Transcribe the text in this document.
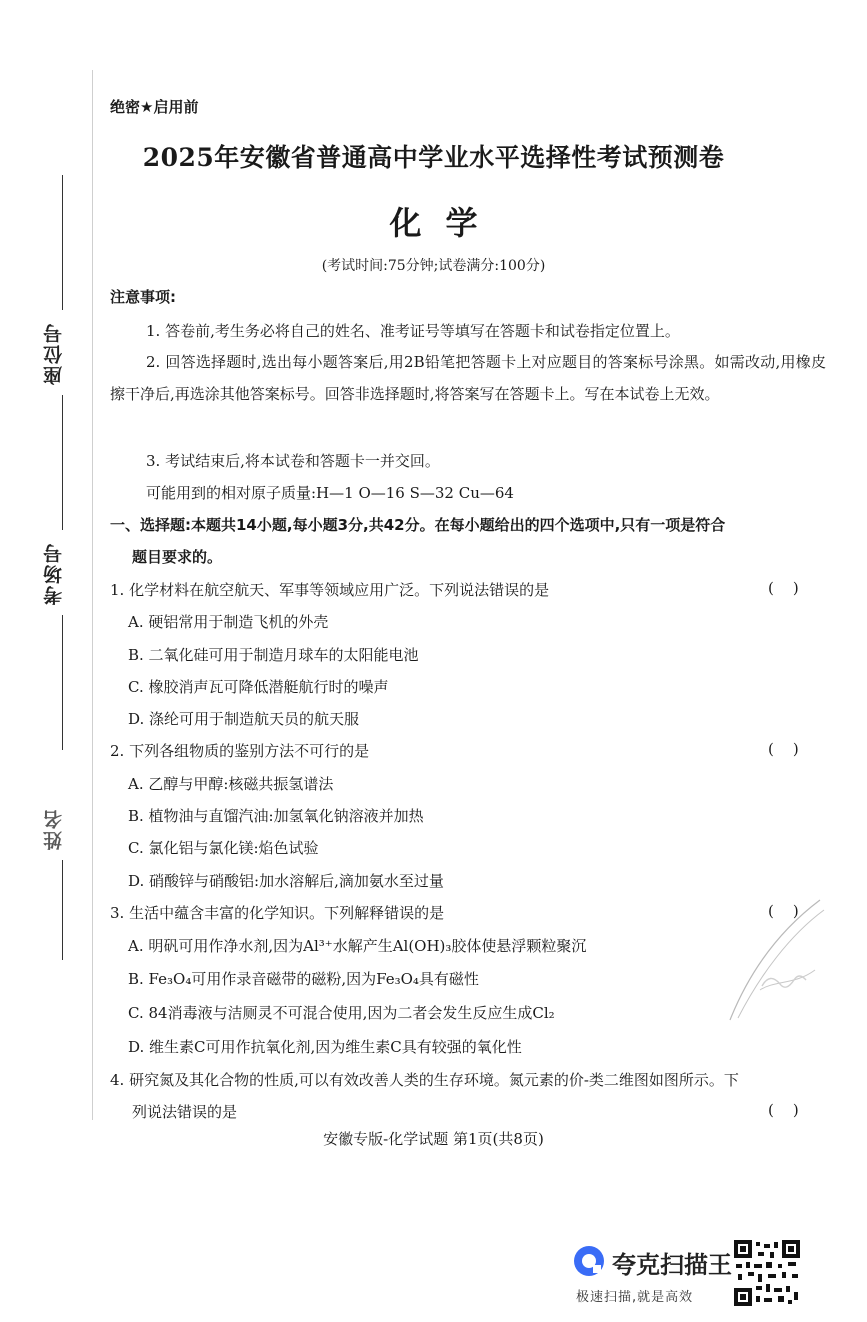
座位号
考场号
姓名
绝密★启用前
2025年安徽省普通高中学业水平选择性考试预测卷
化学
(考试时间:75分钟;试卷满分:100分)
注意事项:
1. 答卷前,考生务必将自己的姓名、准考证号等填写在答题卡和试卷指定位置上。
2. 回答选择题时,选出每小题答案后,用2B铅笔把答题卡上对应题目的答案标号涂黑。如需改动,用橡皮擦干净后,再选涂其他答案标号。回答非选择题时,将答案写在答题卡上。写在本试卷上无效。
3. 考试结束后,将本试卷和答题卡一并交回。
可能用到的相对原子质量:H—1 O—16 S—32 Cu—64
一、选择题:本题共14小题,每小题3分,共42分。在每小题给出的四个选项中,只有一项是符合
题目要求的。
1. 化学材料在航空航天、军事等领域应用广泛。下列说法错误的是	(    )
A. 硬铝常用于制造飞机的外壳
B. 二氧化硅可用于制造月球车的太阳能电池
C. 橡胶消声瓦可降低潜艇航行时的噪声
D. 涤纶可用于制造航天员的航天服
2. 下列各组物质的鉴别方法不可行的是	(    )
A. 乙醇与甲醇:核磁共振氢谱法
B. 植物油与直馏汽油:加氢氧化钠溶液并加热
C. 氯化铝与氯化镁:焰色试验
D. 硝酸锌与硝酸铝:加水溶解后,滴加氨水至过量
3. 生活中蕴含丰富的化学知识。下列解释错误的是	(    )
A. 明矾可用作净水剂,因为Al³⁺水解产生Al(OH)₃胶体使悬浮颗粒聚沉
B. Fe₃O₄可用作录音磁带的磁粉,因为Fe₃O₄具有磁性
C. 84消毒液与洁厕灵不可混合使用,因为二者会发生反应生成Cl₂
D. 维生素C可用作抗氧化剂,因为维生素C具有较强的氧化性
4. 研究氮及其化合物的性质,可以有效改善人类的生存环境。氮元素的价-类二维图如图所示。下
列说法错误的是	(    )
安徽专版-化学试题 第1页(共8页)
夸克扫描王
极速扫描,就是高效
